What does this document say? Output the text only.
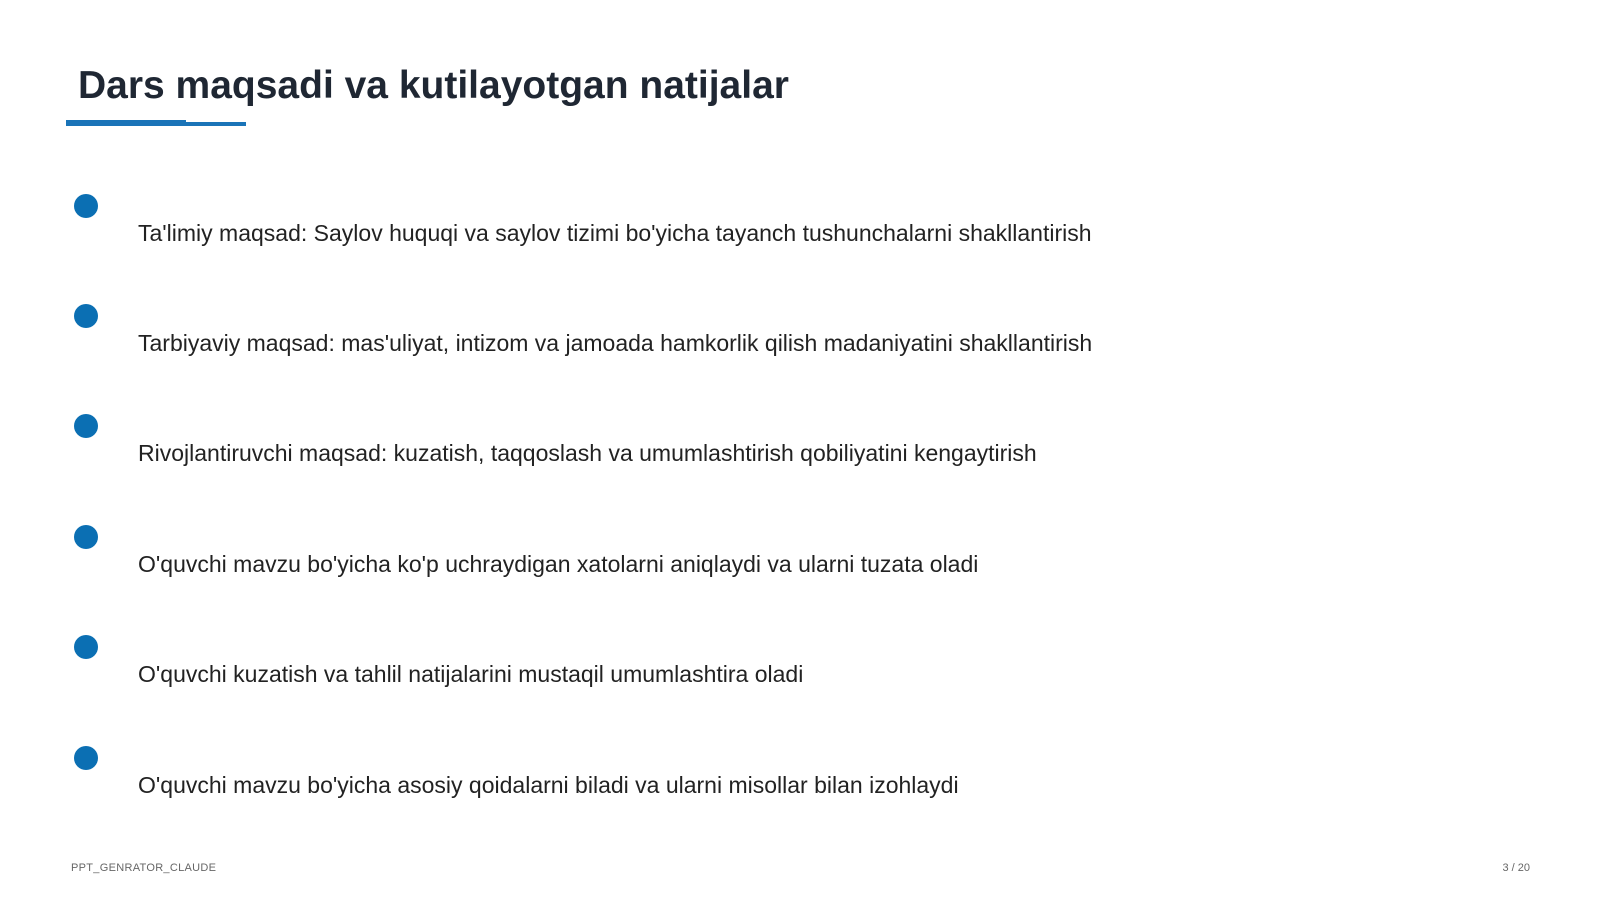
Dars maqsadi va kutilayotgan natijalar
Ta'limiy maqsad: Saylov huquqi va saylov tizimi bo'yicha tayanch tushunchalarni shakllantirish
Tarbiyaviy maqsad: mas'uliyat, intizom va jamoada hamkorlik qilish madaniyatini shakllantirish
Rivojlantiruvchi maqsad: kuzatish, taqqoslash va umumlashtirish qobiliyatini kengaytirish
O'quvchi mavzu bo'yicha ko'p uchraydigan xatolarni aniqlaydi va ularni tuzata oladi
O'quvchi kuzatish va tahlil natijalarini mustaqil umumlashtira oladi
O'quvchi mavzu bo'yicha asosiy qoidalarni biladi va ularni misollar bilan izohlaydi
PPT_GENRATOR_CLAUDE	3 / 20
